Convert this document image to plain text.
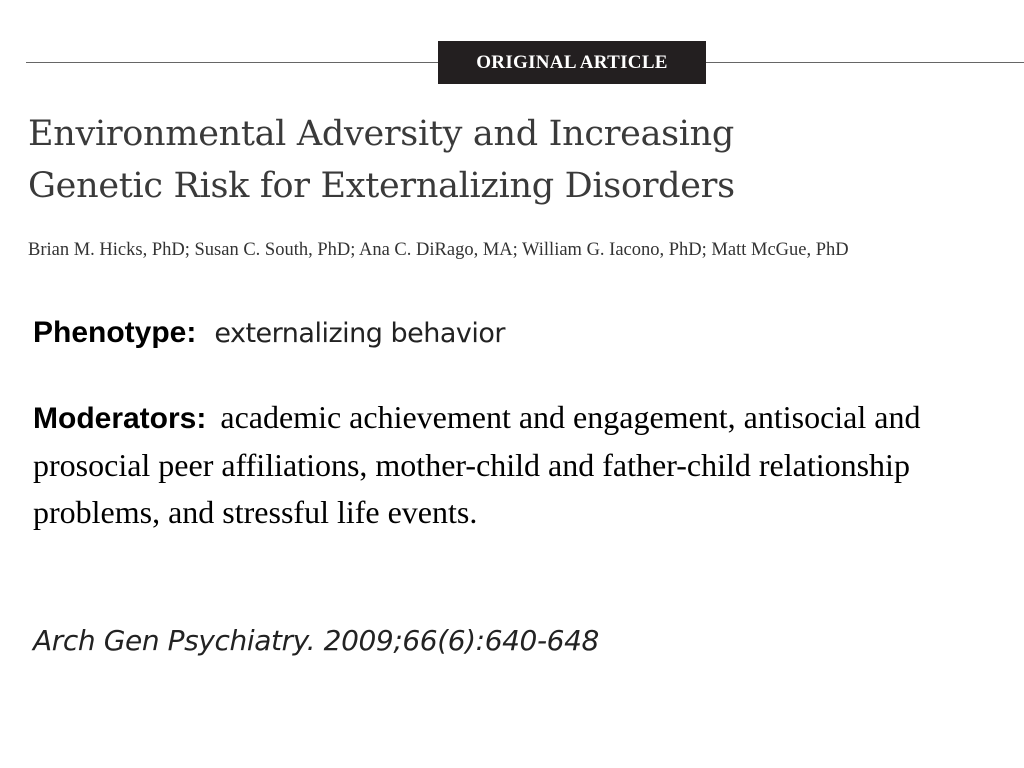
ORIGINAL ARTICLE
Environmental Adversity and Increasing
Genetic Risk for Externalizing Disorders
Brian M. Hicks, PhD; Susan C. South, PhD; Ana C. DiRago, MA; William G. Iacono, PhD; Matt McGue, PhD
Phenotype: externalizing behavior
Moderators: academic achievement and engagement, antisocial and prosocial peer affiliations, mother-child and father-child relationship problems, and stressful life events.
Arch Gen Psychiatry. 2009;66(6):640-648
